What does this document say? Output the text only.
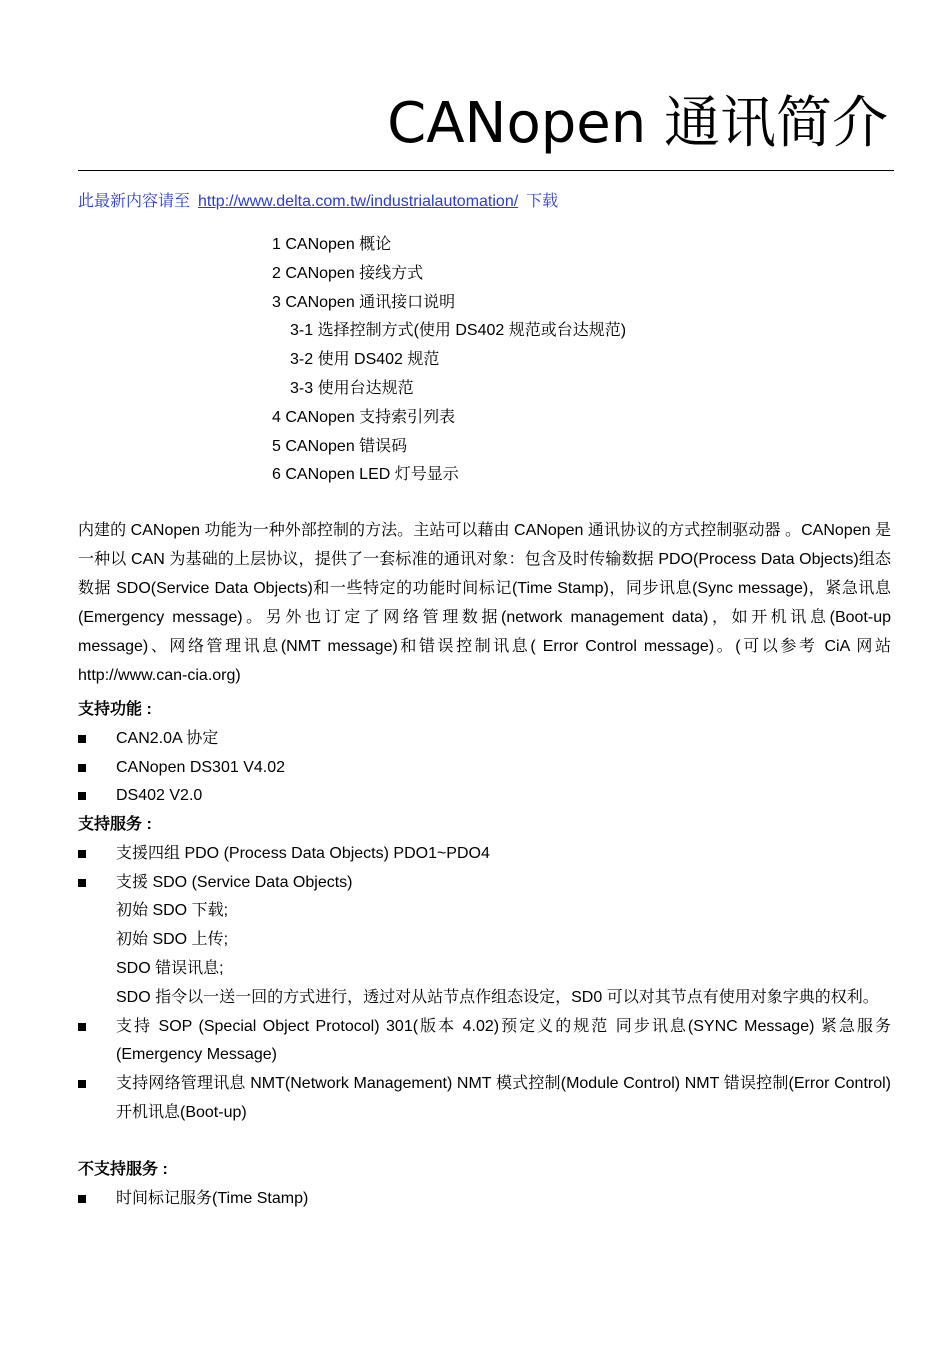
CANopen 通讯简介
此最新内容请至 http://www.delta.com.tw/industrialautomation/ 下载
1 CANopen 概论
2 CANopen 接线方式
3 CANopen 通讯接口说明
3-1 选择控制方式(使用 DS402 规范或台达规范)
3-2 使用 DS402 规范
3-3 使用台达规范
4 CANopen 支持索引列表
5 CANopen 错误码
6 CANopen LED 灯号显示
内建的 CANopen 功能为一种外部控制的方法。主站可以藉由 CANopen 通讯协议的方式控制驱动器 。CANopen 是一种以 CAN 为基础的上层协议，提供了一套标准的通讯对象：包含及时传输数据 PDO(Process Data Objects)组态数据 SDO(Service Data Objects)和一些特定的功能时间标记(Time Stamp)，同步讯息(Sync message)，紧急讯息(Emergency message)。另外也订定了网络管理数据(network management data)，如开机讯息(Boot-up message)、网络管理讯息(NMT message)和错误控制讯息( Error Control message)。(可以参考 CiA 网站 http://www.can-cia.org)
支持功能 :
CAN2.0A 协定
CANopen DS301 V4.02
DS402 V2.0
支持服务 :
支援四组 PDO (Process Data Objects) PDO1~PDO4
支援 SDO (Service Data Objects)
初始 SDO 下载;
初始 SDO 上传;
SDO 错误讯息;
SDO 指令以一送一回的方式进行，透过对从站节点作组态设定，SD0 可以对其节点有使用对象字典的权利。
支持 SOP (Special Object Protocol) 301(版本 4.02)预定义的规范 同步讯息(SYNC Message) 紧急服务(Emergency Message)
支持网络管理讯息 NMT(Network Management) NMT 模式控制(Module Control) NMT 错误控制(Error Control) 开机讯息(Boot-up)
不支持服务 :
时间标记服务(Time Stamp)
